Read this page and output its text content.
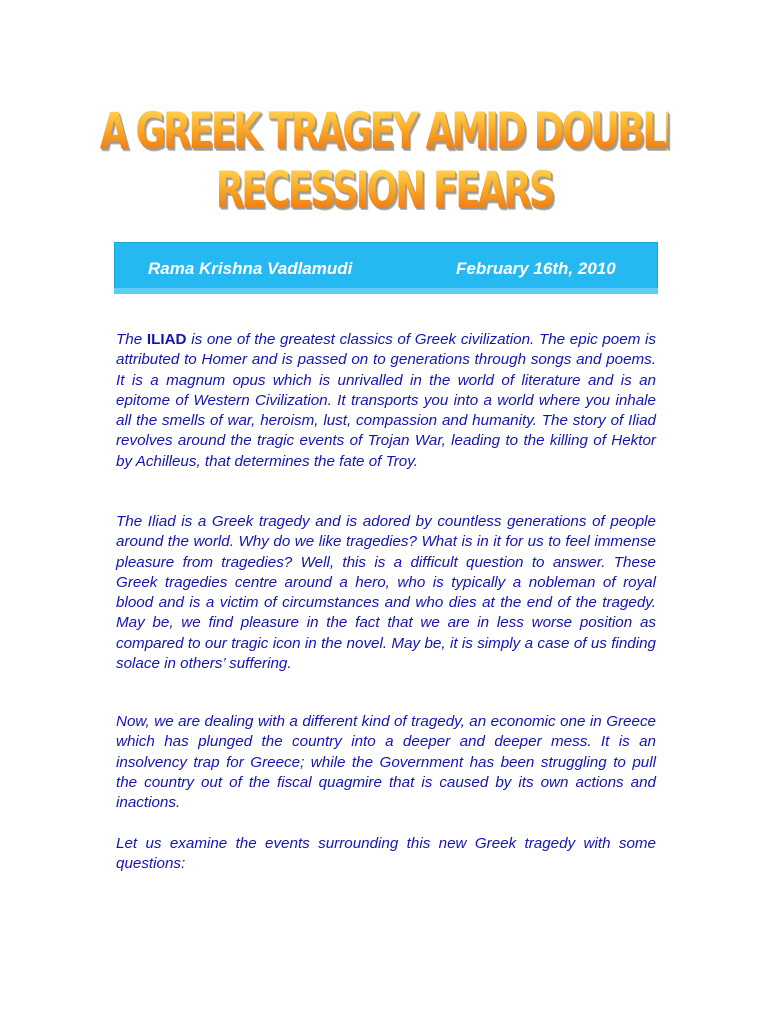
A GREEK TRAGEY AMID DOUBLE-DIP
RECESSION FEARS
Rama Krishna Vadlamudi	February 16th, 2010

The ILIAD is one of the greatest classics of Greek civilization. The epic poem is attributed to Homer and is passed on to generations through songs and poems. It is a magnum opus which is unrivalled in the world of literature and is an epitome of Western Civilization. It transports you into a world where you inhale all the smells of war, heroism, lust, compassion and humanity. The story of Iliad revolves around the tragic events of Trojan War, leading to the killing of Hektor by Achilleus, that determines the fate of Troy.

The Iliad is a Greek tragedy and is adored by countless generations of people around the world. Why do we like tragedies? What is in it for us to feel immense pleasure from tragedies? Well, this is a difficult question to answer. These Greek tragedies centre around a hero, who is typically a nobleman of royal blood and is a victim of circumstances and who dies at the end of the tragedy. May be, we find pleasure in the fact that we are in less worse position as compared to our tragic icon in the novel. May be, it is simply a case of us finding solace in others’ suffering.

Now, we are dealing with a different kind of tragedy, an economic one in Greece which has plunged the country into a deeper and deeper mess. It is an insolvency trap for Greece; while the Government has been struggling to pull the country out of the fiscal quagmire that is caused by its own actions and inactions.

Let us examine the events surrounding this new Greek tragedy with some questions:
